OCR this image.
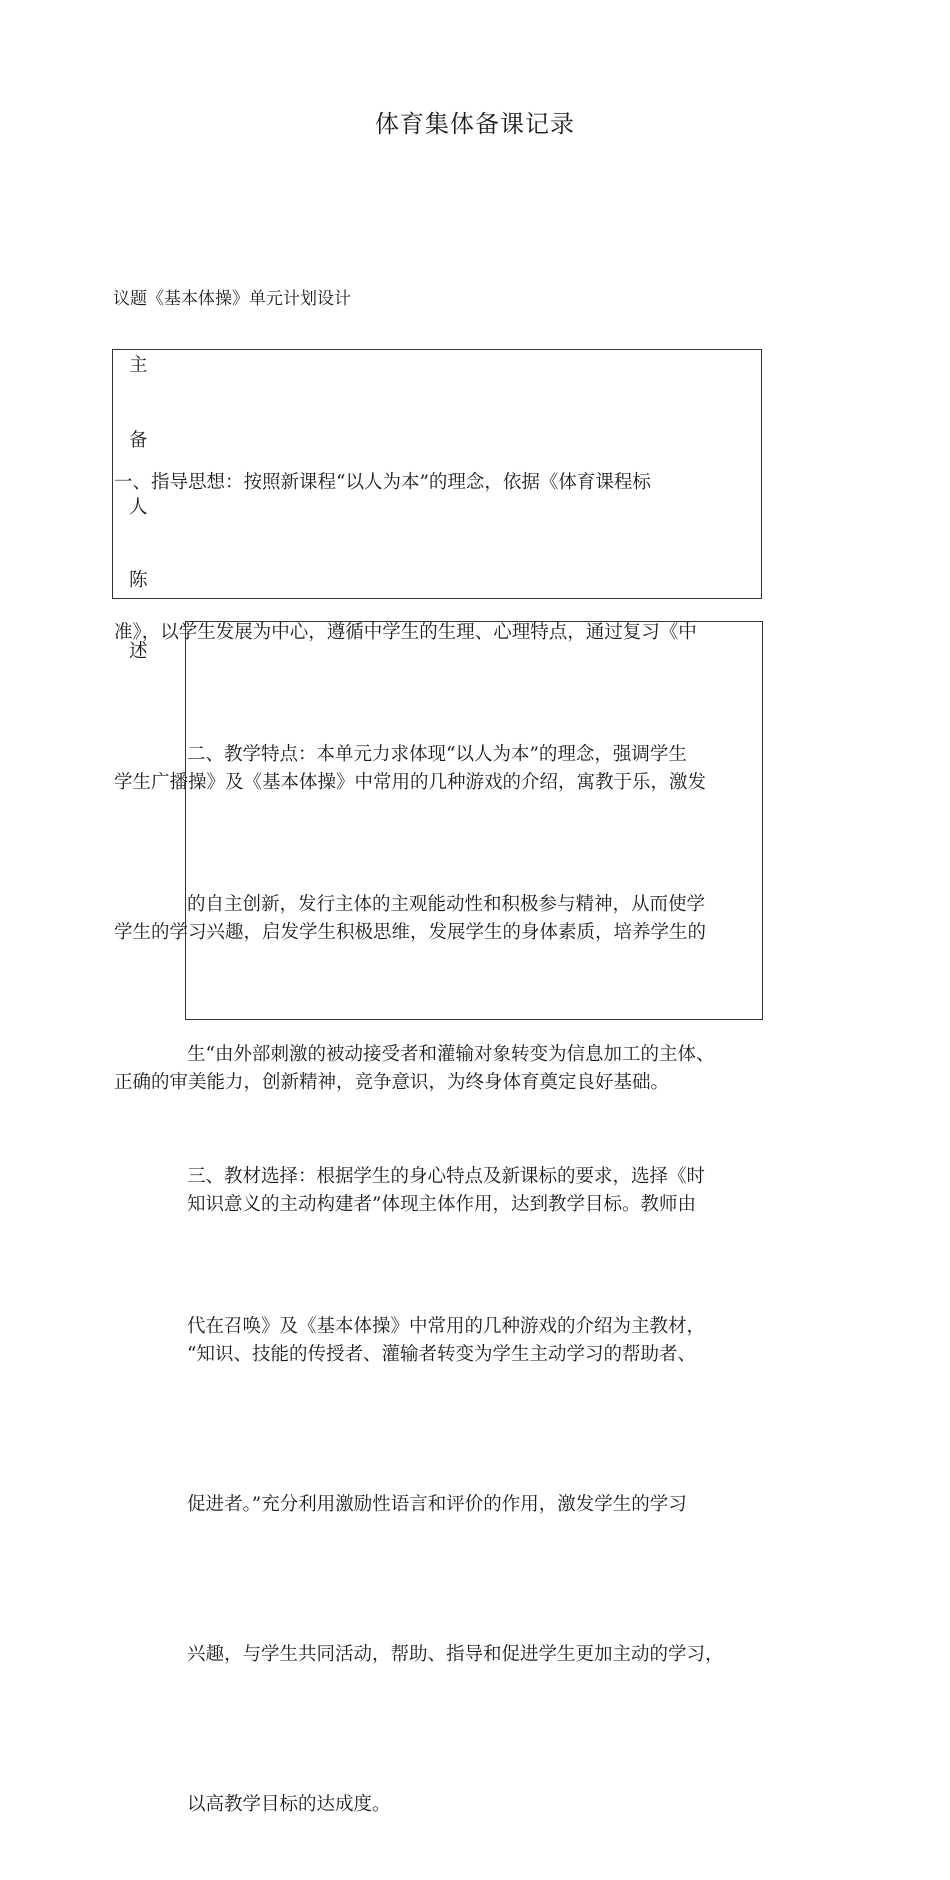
体育集体备课记录
议题《基本体操》单元计划设计

一、指导思想：按照新课程“以人为本”的理念，依据《体育课程标

准》，以学生发展为中心，遵循中学生的生理、心理特点，通过复习《中

学生广播操》及《基本体操》中常用的几种游戏的介绍，寓教于乐，激发

学生的学习兴趣，启发学生积极思维，发展学生的身体素质，培养学生的

正确的审美能力，创新精神，竞争意识，为终身体育奠定良好基础。

主
备
人
陈
述

二、教学特点：本单元力求体现“以人为本”的理念，强调学生

的自主创新，发行主体的主观能动性和积极参与精神，从而使学

生“由外部刺激的被动接受者和灌输对象转变为信息加工的主体、

知识意义的主动构建者”体现主体作用，达到教学目标。教师由

“知识、技能的传授者、灌输者转变为学生主动学习的帮助者、

促进者。”充分利用激励性语言和评价的作用，激发学生的学习

兴趣，与学生共同活动，帮助、指导和促进学生更加主动的学习，

以高教学目标的达成度。

三、教材选择：根据学生的身心特点及新课标的要求，选择《时

代在召唤》及《基本体操》中常用的几种游戏的介绍为主教材，
